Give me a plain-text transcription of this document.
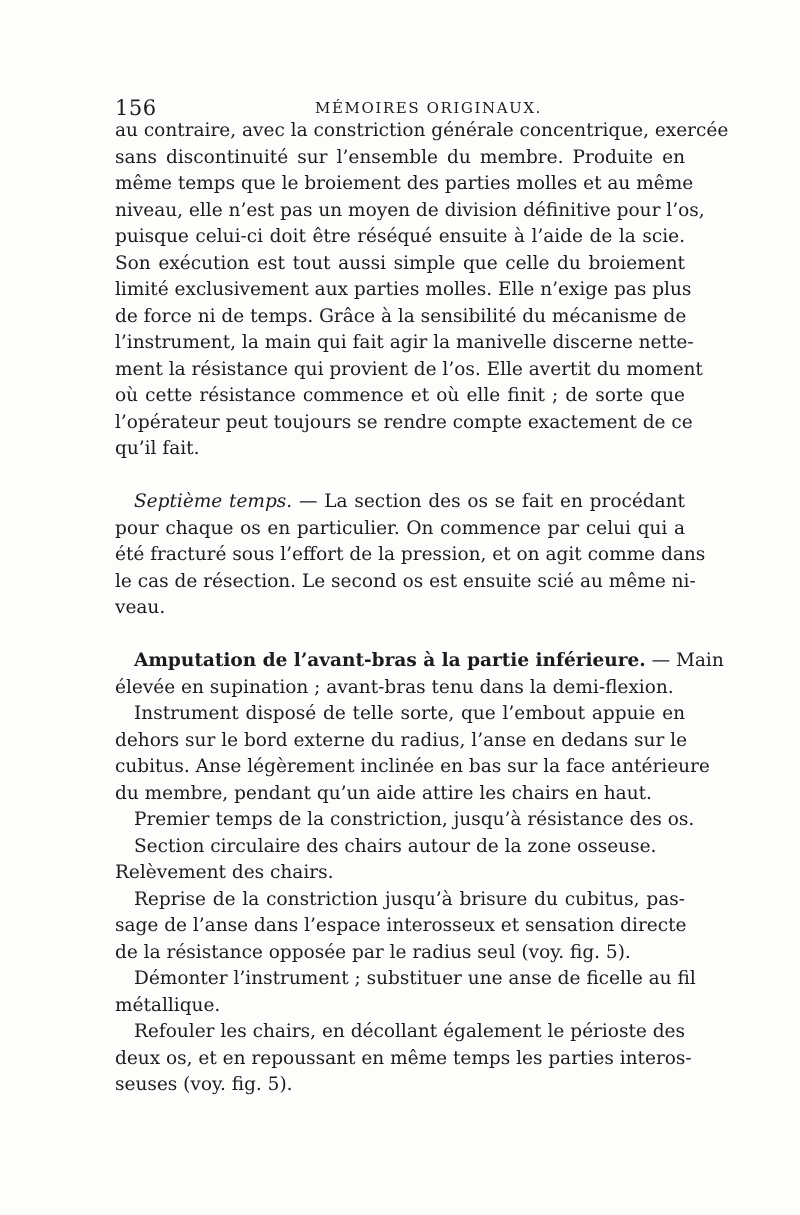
156	MÉMOIRES ORIGINAUX.
au contraire, avec la constriction générale concentrique, exercée
sans discontinuité sur l’ensemble du membre. Produite en
même temps que le broiement des parties molles et au même
niveau, elle n’est pas un moyen de division définitive pour l’os,
puisque celui-ci doit être réséqué ensuite à l’aide de la scie.
Son exécution est tout aussi simple que celle du broiement
limité exclusivement aux parties molles. Elle n’exige pas plus
de force ni de temps. Grâce à la sensibilité du mécanisme de
l’instrument, la main qui fait agir la manivelle discerne nette-
ment la résistance qui provient de l’os. Elle avertit du moment
où cette résistance commence et où elle finit ; de sorte que
l’opérateur peut toujours se rendre compte exactement de ce
qu’il fait.
Septième temps. — La section des os se fait en procédant
pour chaque os en particulier. On commence par celui qui a
été fracturé sous l’effort de la pression, et on agit comme dans
le cas de résection. Le second os est ensuite scié au même ni-
veau.
Amputation de l’avant-bras à la partie inférieure. — Main
élevée en supination ; avant-bras tenu dans la demi-flexion.
Instrument disposé de telle sorte, que l’embout appuie en
dehors sur le bord externe du radius, l’anse en dedans sur le
cubitus. Anse légèrement inclinée en bas sur la face antérieure
du membre, pendant qu’un aide attire les chairs en haut.
Premier temps de la constriction, jusqu’à résistance des os.
Section circulaire des chairs autour de la zone osseuse.
Relèvement des chairs.
Reprise de la constriction jusqu’à brisure du cubitus, pas-
sage de l’anse dans l’espace interosseux et sensation directe
de la résistance opposée par le radius seul (voy. fig. 5).
Démonter l’instrument ; substituer une anse de ficelle au fil
métallique.
Refouler les chairs, en décollant également le périoste des
deux os, et en repoussant en même temps les parties interos-
seuses (voy. fig. 5).
